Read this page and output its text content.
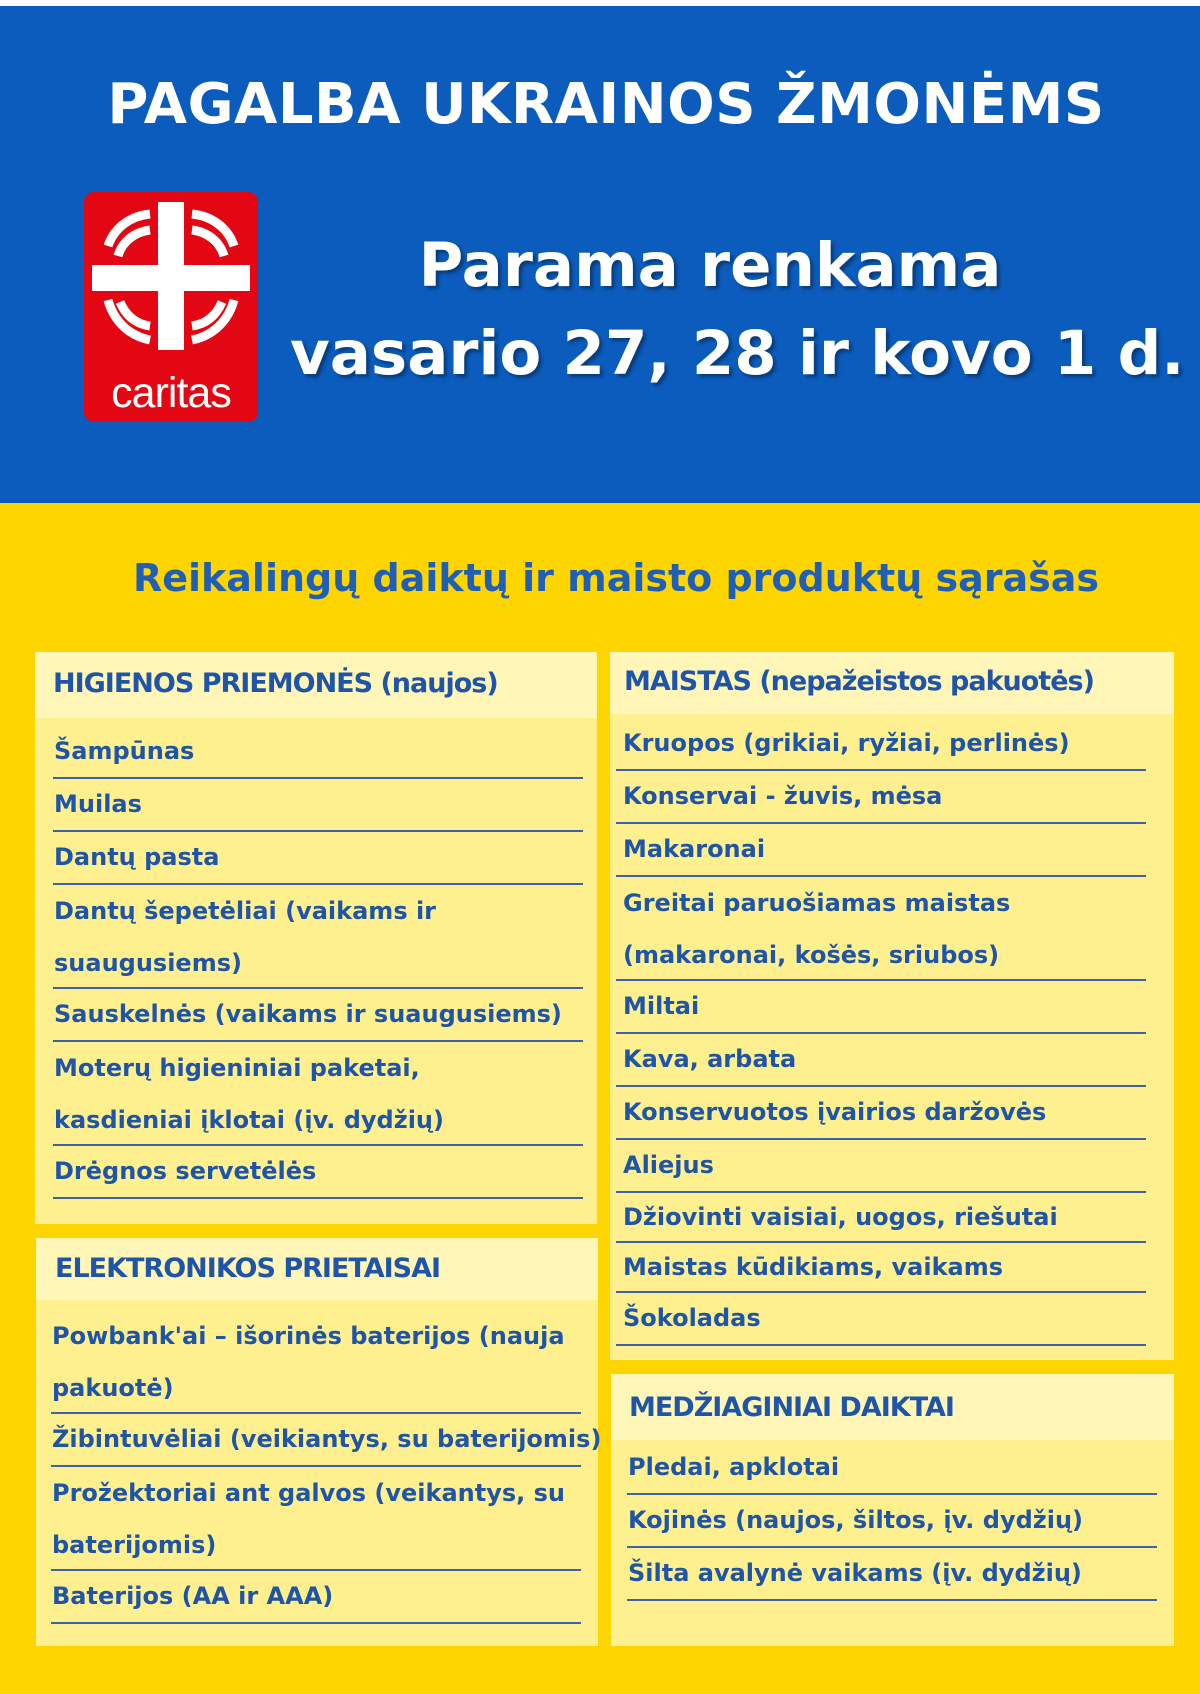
PAGALBA UKRAINOS ŽMONĖMS
caritas
Parama renkama
vasario 27, 28 ir kovo 1 d.
Reikalingų daiktų ir maisto produktų sąrašas
HIGIENOS PRIEMONĖS (naujos)
Šampūnas
Muilas
Dantų pasta
Dantų šepetėliai (vaikams ir suaugusiems)
Sauskelnės (vaikams ir suaugusiems)
Moterų higieniniai paketai, kasdieniai įklotai (įv. dydžių)
Drėgnos servetėlės
ELEKTRONIKOS PRIETAISAI
Powbank'ai – išorinės baterijos (nauja pakuotė)
Žibintuvėliai (veikiantys, su baterijomis)
Prožektoriai ant galvos (veikantys, su baterijomis)
Baterijos (AA ir AAA)
MAISTAS (nepažeistos pakuotės)
Kruopos (grikiai, ryžiai, perlinės)
Konservai - žuvis, mėsa
Makaronai
Greitai paruošiamas maistas (makaronai, košės, sriubos)
Miltai
Kava, arbata
Konservuotos įvairios daržovės
Aliejus
Džiovinti vaisiai, uogos, riešutai
Maistas kūdikiams, vaikams
Šokoladas
MEDŽIAGINIAI DAIKTAI
Pledai, apklotai
Kojinės (naujos, šiltos, įv. dydžių)
Šilta avalynė vaikams (įv. dydžių)
